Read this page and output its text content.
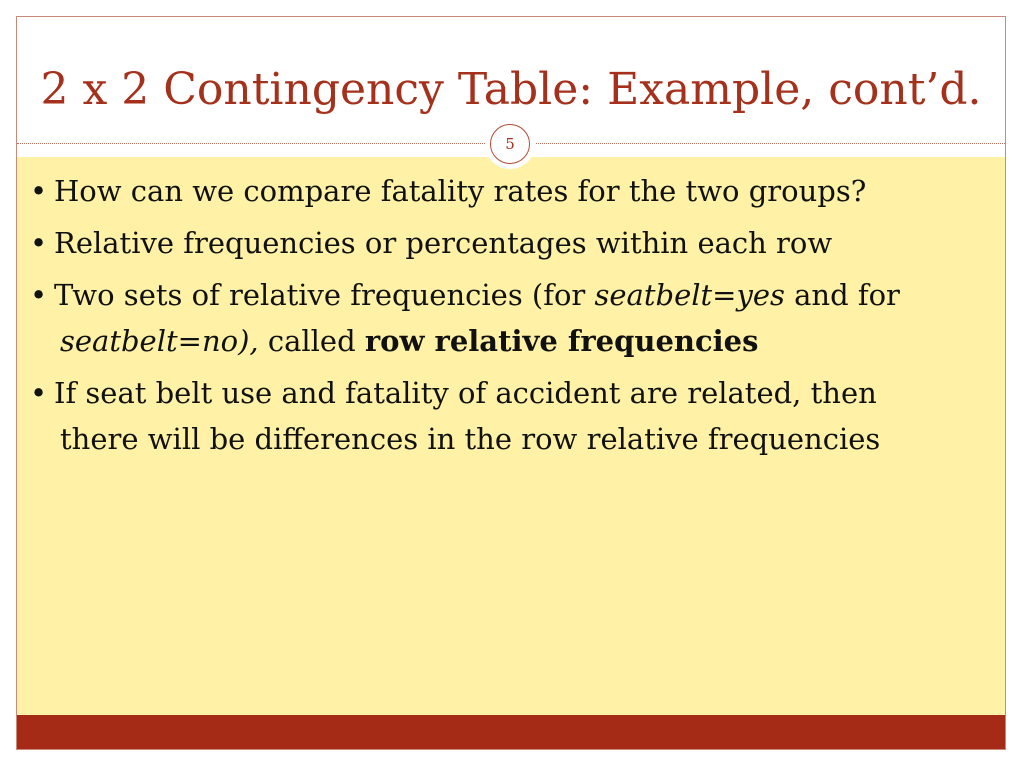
2 x 2 Contingency Table: Example, cont’d.
5
• How can we compare fatality rates for the two groups?
• Relative frequencies or percentages within each row
• Two sets of relative frequencies (for seatbelt=yes and for seatbelt=no), called row relative frequencies
• If seat belt use and fatality of accident are related, then there will be differences in the row relative frequencies
